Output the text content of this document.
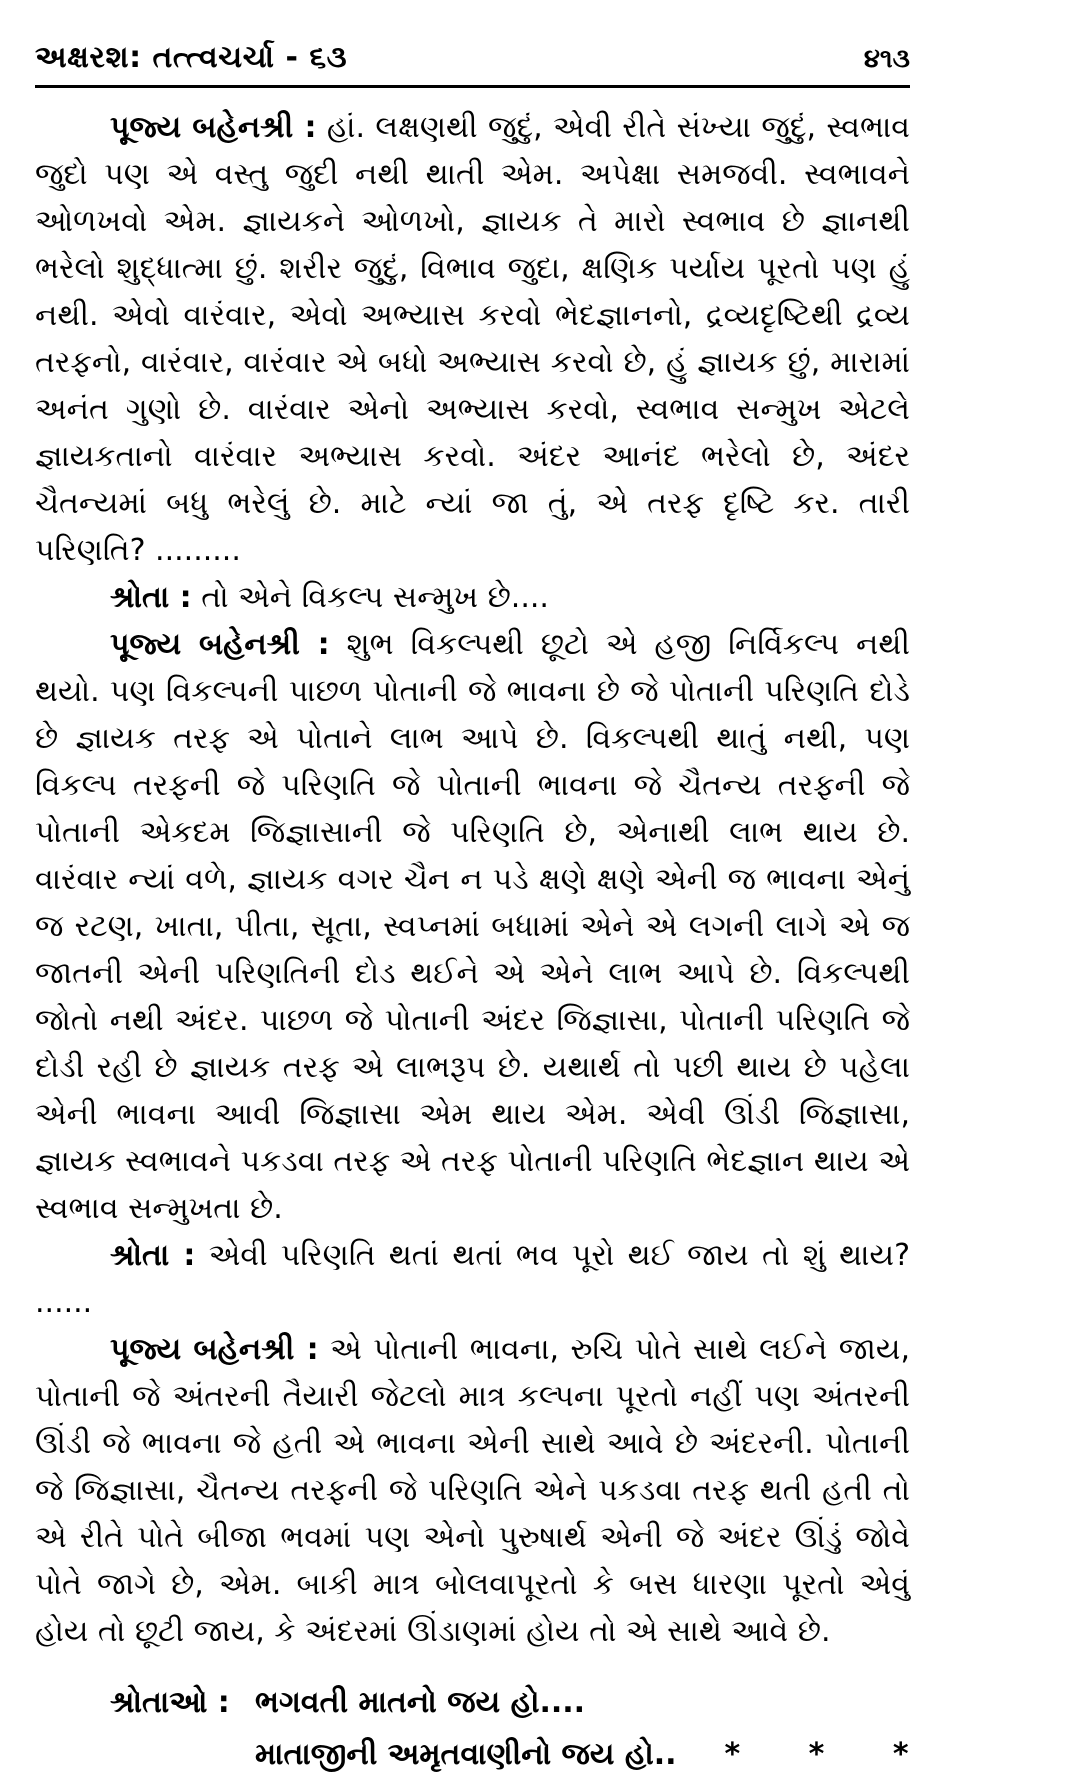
અક્ષરશ: તત્ત્વચર્ચા - ૬૩	૪૧૩

પૂજ્ય બહેનશ્રી : હાં. લક્ષણથી જુદું, એવી રીતે સંખ્યા જુદું, સ્વભાવ જુદો પણ એ વસ્તુ જુદી નથી થાતી એમ. અપેક્ષા સમજવી. સ્વભાવને ઓળખવો એમ. જ્ઞાયકને ઓળખો, જ્ઞાયક તે મારો સ્વભાવ છે જ્ઞાનથી ભરેલો શુદ્ધાત્મા છું. શરીર જુદું, વિભાવ જુદા, ક્ષણિક પર્યાય પૂરતો પણ હું નથી. એવો વારંવાર, એવો અભ્યાસ કરવો ભેદજ્ઞાનનો, દ્રવ્યદૃષ્ટિથી દ્રવ્ય તરફનો, વારંવાર, વારંવાર એ બધો અભ્યાસ કરવો છે, હું જ્ઞાયક છું, મારામાં અનંત ગુણો છે. વારંવાર એનો અભ્યાસ કરવો, સ્વભાવ સન્મુખ એટલે જ્ઞાયકતાનો વારંવાર અભ્યાસ કરવો. અંદર આનંદ ભરેલો છે, અંદર ચૈતન્યમાં બધુ ભરેલું છે. માટે ન્યાં જા તું, એ તરફ દૃષ્ટિ કર. તારી પરિણતિ? .........

શ્રોતા : તો એને વિકલ્પ સન્મુખ છે....

પૂજ્ય બહેનશ્રી : શુભ વિકલ્પથી છૂટો એ હજી નિર્વિકલ્પ નથી થયો. પણ વિકલ્પની પાછળ પોતાની જે ભાવના છે જે પોતાની પરિણતિ દોડે છે જ્ઞાયક તરફ એ પોતાને લાભ આપે છે. વિકલ્પથી થાતું નથી, પણ વિકલ્પ તરફની જે પરિણતિ જે પોતાની ભાવના જે ચૈતન્ય તરફની જે પોતાની એકદમ જિજ્ઞાસાની જે પરિણતિ છે, એનાથી લાભ થાય છે. વારંવાર ન્યાં વળે, જ્ઞાયક વગર ચૈન ન પડે ક્ષણે ક્ષણે એની જ ભાવના એનું જ રટણ, ખાતા, પીતા, સૂતા, સ્વપ્નમાં બધામાં એને એ લગની લાગે એ જ જાતની એની પરિણતિની દોડ થઈને એ એને લાભ આપે છે. વિકલ્પથી જોતો નથી અંદર. પાછળ જે પોતાની અંદર જિજ્ઞાસા, પોતાની પરિણતિ જે દોડી રહી છે જ્ઞાયક તરફ એ લાભરૂપ છે. યથાર્થ તો પછી થાય છે પહેલા એની ભાવના આવી જિજ્ઞાસા એમ થાય એમ. એવી ઊંડી જિજ્ઞાસા, જ્ઞાયક સ્વભાવને પકડવા તરફ એ તરફ પોતાની પરિણતિ ભેદજ્ઞાન થાય એ સ્વભાવ સન્મુખતા છે.

શ્રોતા : એવી પરિણતિ થતાં થતાં ભવ પૂરો થઈ જાય તો શું થાય? ......

પૂજ્ય બહેનશ્રી : એ પોતાની ભાવના, રુચિ પોતે સાથે લઈને જાય, પોતાની જે અંતરની તૈયારી જેટલો માત્ર કલ્પના પૂરતો નહીં પણ અંતરની ઊંડી જે ભાવના જે હતી એ ભાવના એની સાથે આવે છે અંદરની. પોતાની જે જિજ્ઞાસા, ચૈતન્ય તરફની જે પરિણતિ એને પકડવા તરફ થતી હતી તો એ રીતે પોતે બીજા ભવમાં પણ એનો પુરુષાર્થ એની જે અંદર ઊંડું જોવે પોતે જાગે છે, એમ. બાકી માત્ર બોલવાપૂરતો કે બસ ધારણા પૂરતો એવું હોય તો છૂટી જાય, કે અંદરમાં ઊંડાણમાં હોય તો એ સાથે આવે છે.

શ્રોતાઓ : ભગવતી માતનો જય હો....
માતાજીની અમૃતવાણીનો જય હો.. * * *
